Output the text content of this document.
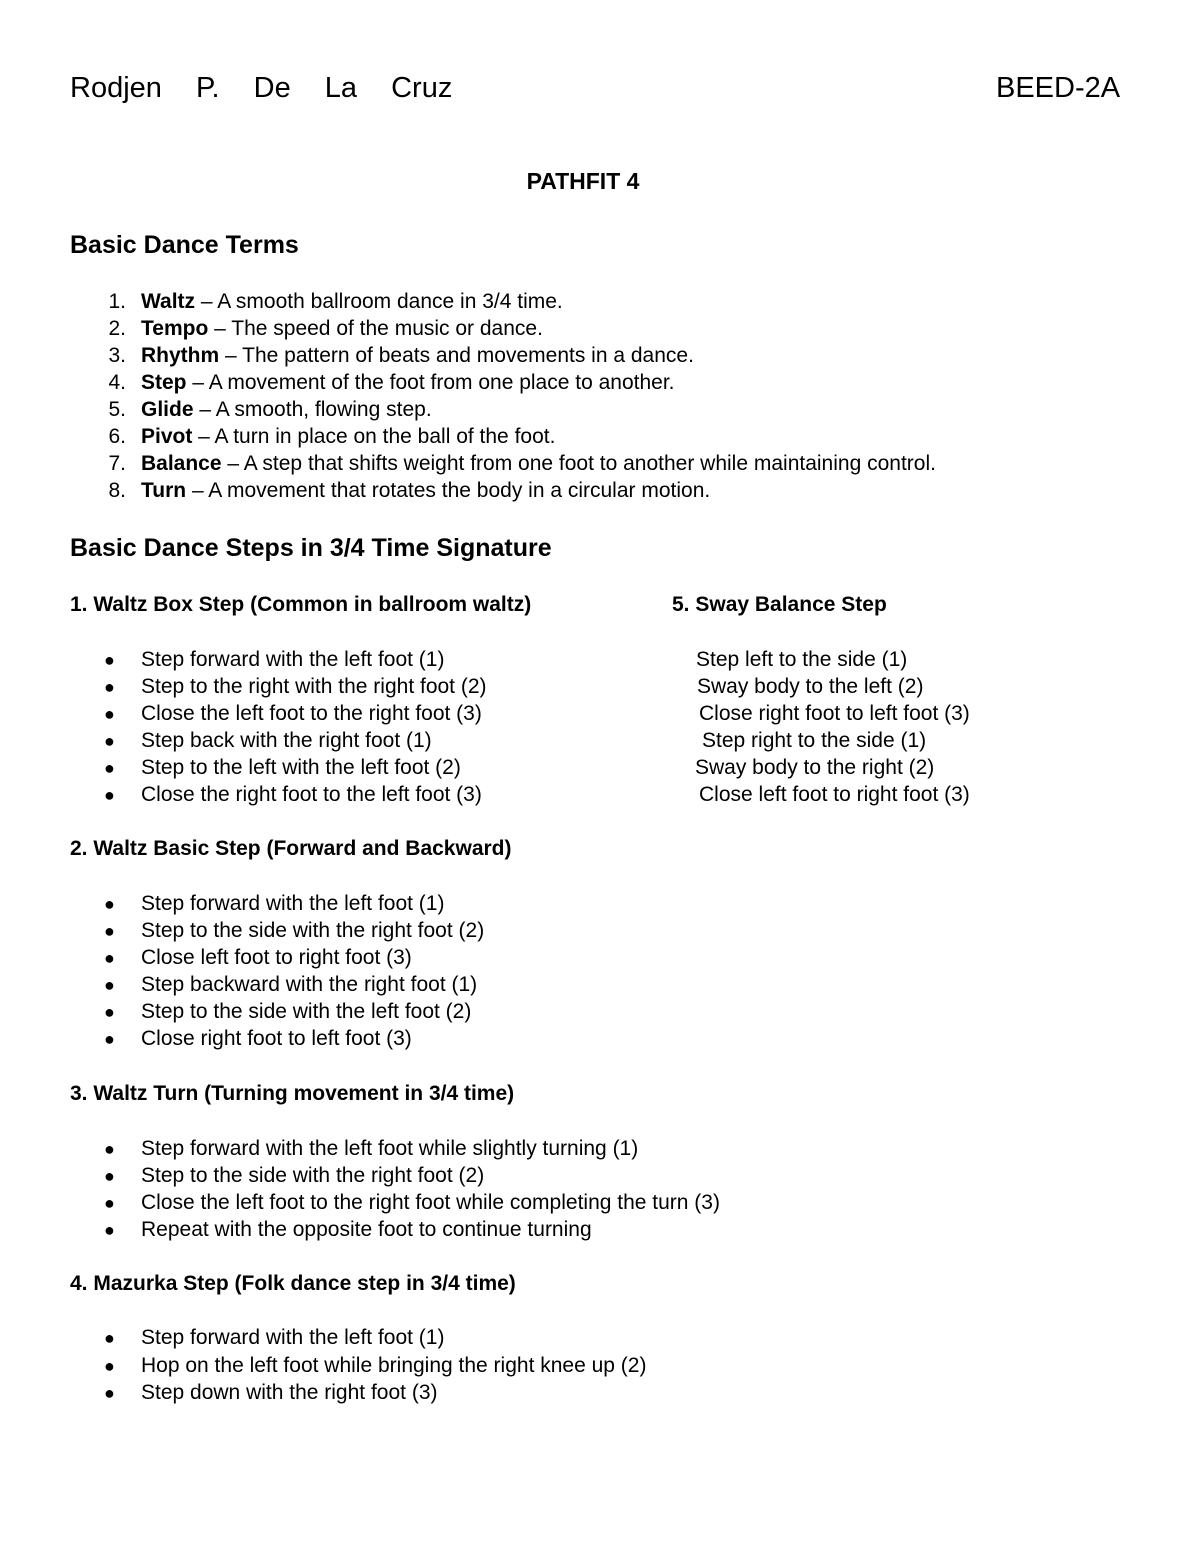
Rodjen P. De La Cruz	BEED-2A
PATHFIT 4
Basic Dance Terms
1. Waltz – A smooth ballroom dance in 3/4 time.
2. Tempo – The speed of the music or dance.
3. Rhythm – The pattern of beats and movements in a dance.
4. Step – A movement of the foot from one place to another.
5. Glide – A smooth, flowing step.
6. Pivot – A turn in place on the ball of the foot.
7. Balance – A step that shifts weight from one foot to another while maintaining control.
8. Turn – A movement that rotates the body in a circular motion.
Basic Dance Steps in 3/4 Time Signature
1. Waltz Box Step (Common in ballroom waltz)
● Step forward with the left foot (1)
● Step to the right with the right foot (2)
● Close the left foot to the right foot (3)
● Step back with the right foot (1)
● Step to the left with the left foot (2)
● Close the right foot to the left foot (3)
5. Sway Balance Step
Step left to the side (1)
Sway body to the left (2)
Close right foot to left foot (3)
Step right to the side (1)
Sway body to the right (2)
Close left foot to right foot (3)
2. Waltz Basic Step (Forward and Backward)
● Step forward with the left foot (1)
● Step to the side with the right foot (2)
● Close left foot to right foot (3)
● Step backward with the right foot (1)
● Step to the side with the left foot (2)
● Close right foot to left foot (3)
3. Waltz Turn (Turning movement in 3/4 time)
● Step forward with the left foot while slightly turning (1)
● Step to the side with the right foot (2)
● Close the left foot to the right foot while completing the turn (3)
● Repeat with the opposite foot to continue turning
4. Mazurka Step (Folk dance step in 3/4 time)
● Step forward with the left foot (1)
● Hop on the left foot while bringing the right knee up (2)
● Step down with the right foot (3)
